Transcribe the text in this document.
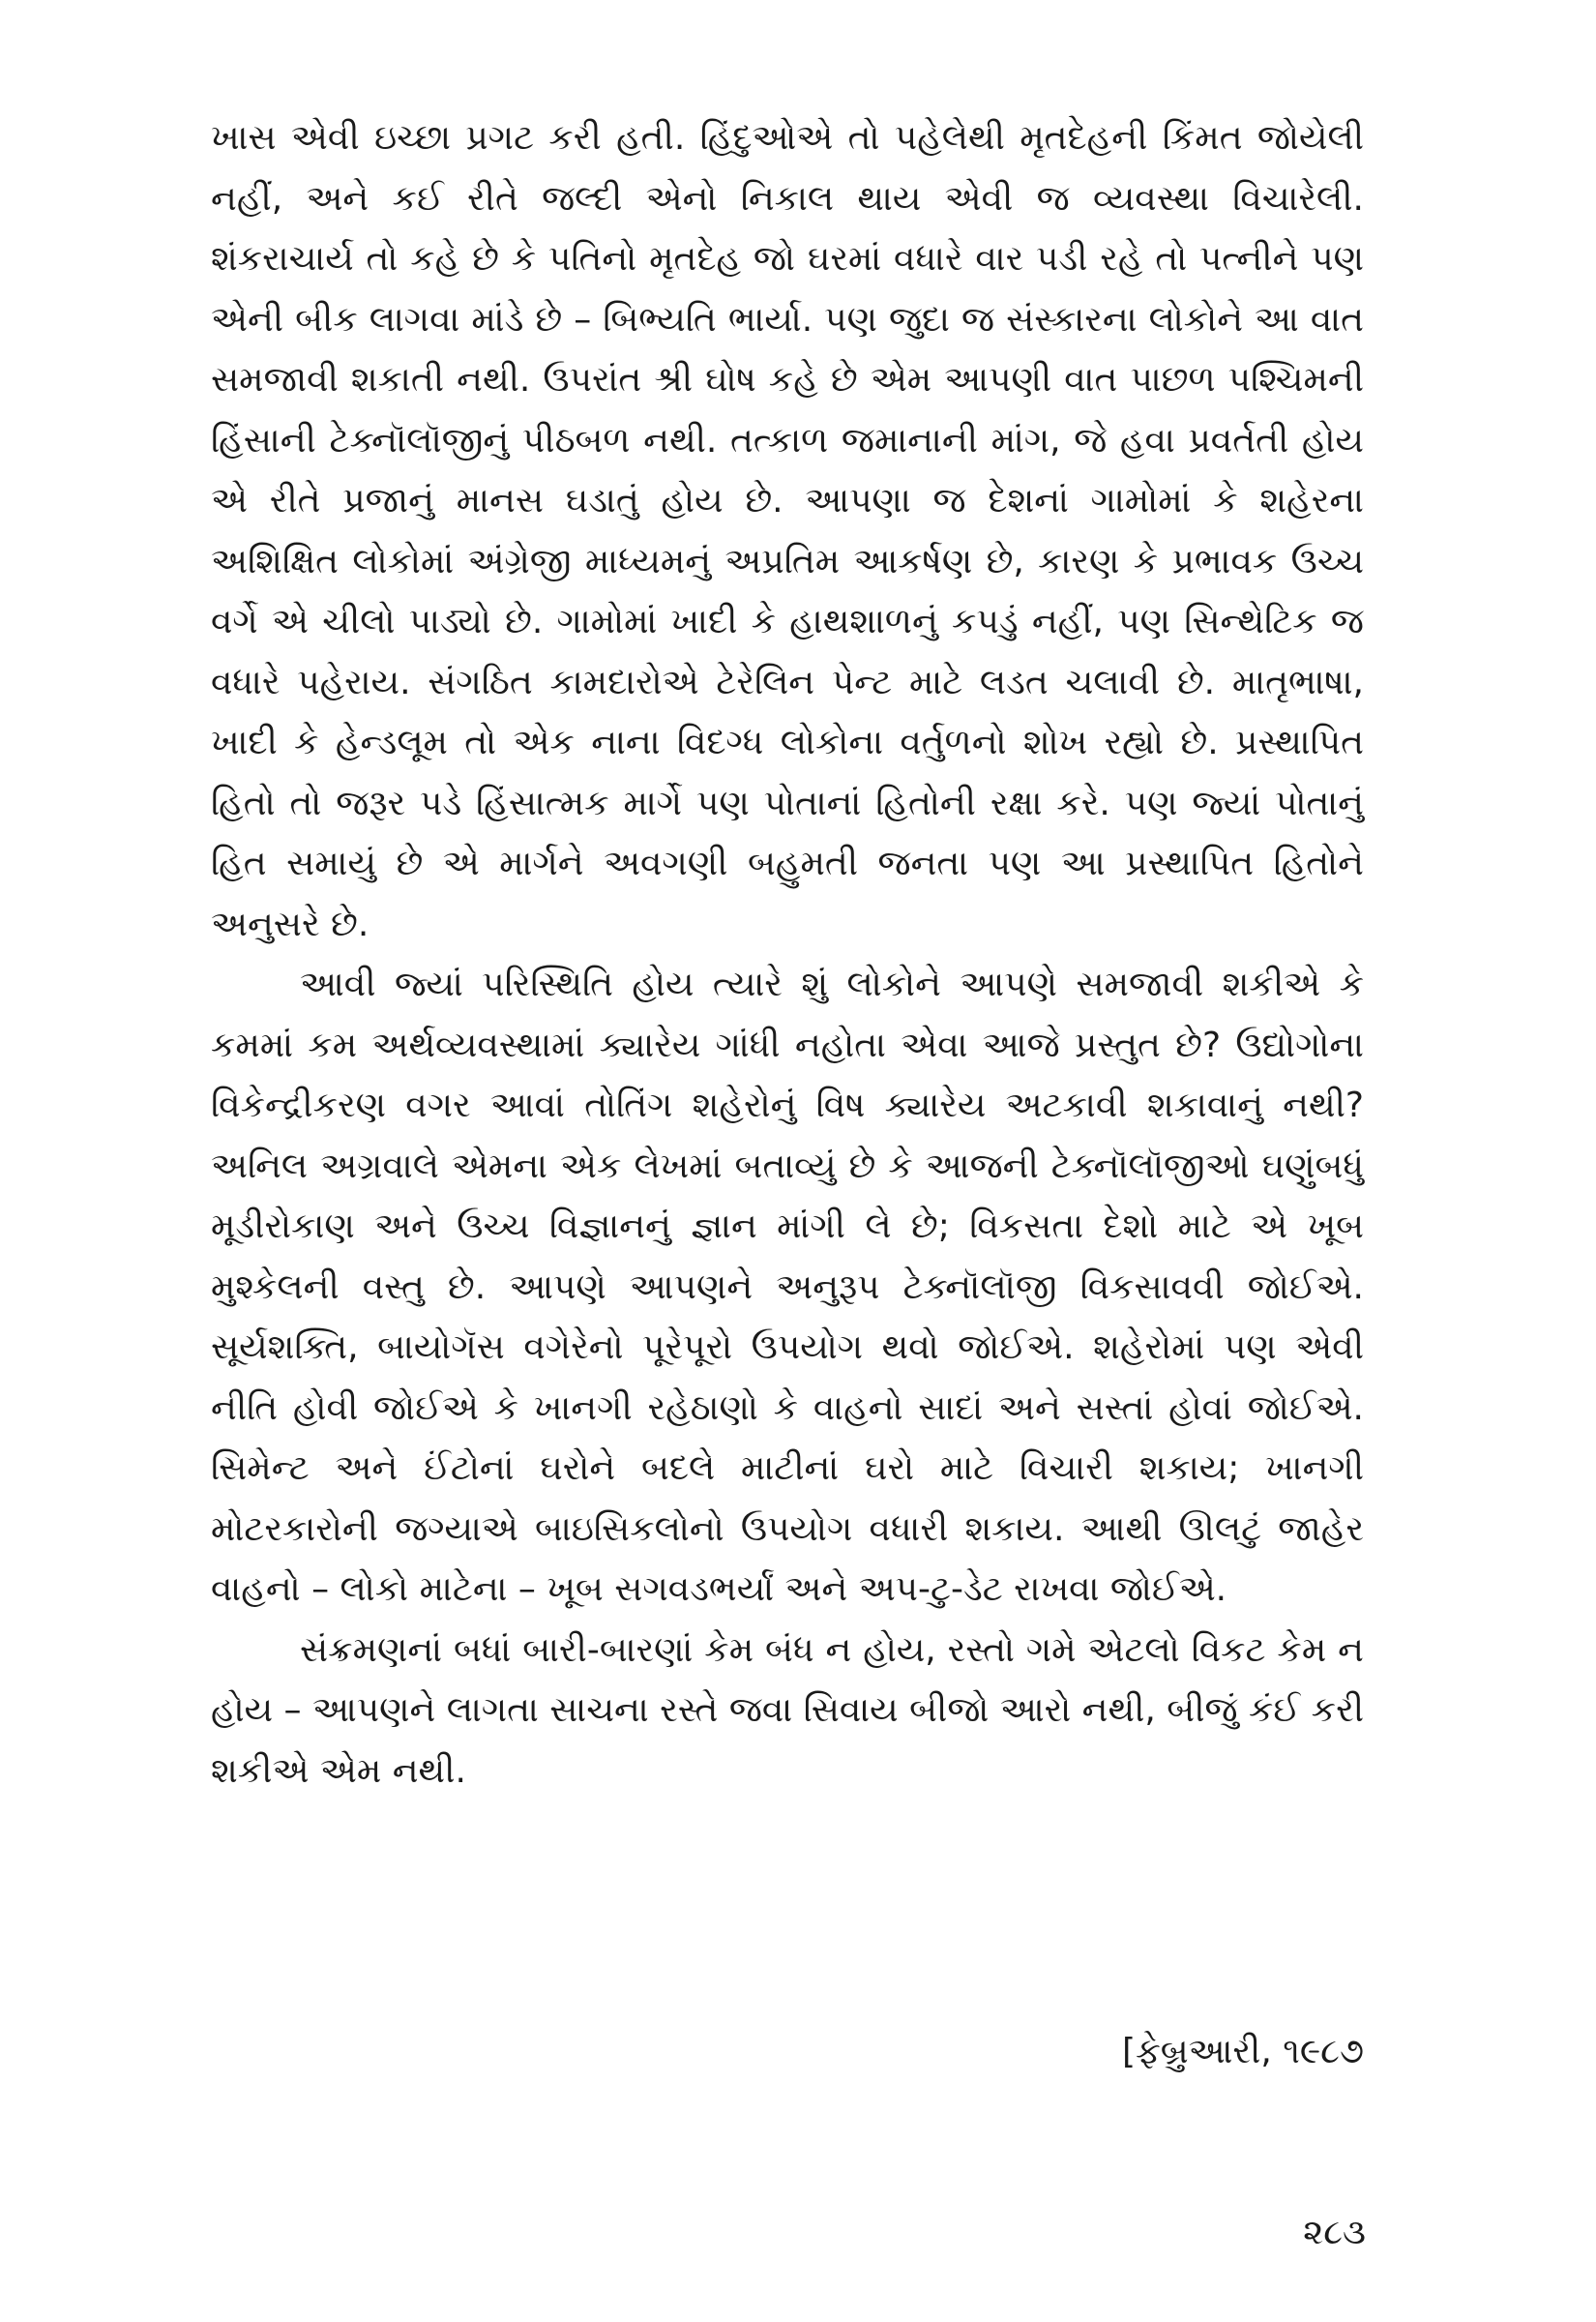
ખાસ એવી ઇચ્છા પ્રગટ કરી હતી. હિંદુઓએ તો પહેલેથી મૃતદેહની કિંમત જોયેલી નહીં, અને કઈ રીતે જલ્દી એનો નિકાલ થાય એવી જ વ્યવસ્થા વિચારેલી. શંકરાચાર્ય તો કહે છે કે પતિનો મૃતદેહ જો ઘરમાં વધારે વાર પડી રહે તો પત્નીને પણ એની બીક લાગવા માંડે છે – બિભ્યતિ ભાર્યા. પણ જુદા જ સંસ્કારના લોકોને આ વાત સમજાવી શકાતી નથી. ઉપરાંત શ્રી ઘોષ કહે છે એમ આપણી વાત પાછળ પશ્ચિમની હિંસાની ટેક્નૉલૉજીનું પીઠબળ નથી. તત્કાળ જમાનાની માંગ, જે હવા પ્રવર્તતી હોય એ રીતે પ્રજાનું માનસ ઘડાતું હોય છે. આપણા જ દેશનાં ગામોમાં કે શહેરના અશિક્ષિત લોકોમાં અંગ્રેજી માધ્યમનું અપ્રતિમ આકર્ષણ છે, કારણ કે પ્રભાવક ઉચ્ચ વર્ગે એ ચીલો પાડ્યો છે. ગામોમાં ખાદી કે હાથશાળનું કપડું નહીં, પણ સિન્થેટિક જ વધારે પહેરાય. સંગઠિત કામદારોએ ટેરેલિન પેન્ટ માટે લડત ચલાવી છે. માતૃભાષા, ખાદી કે હેન્ડલૂમ તો એક નાના વિદગ્ધ લોકોના વર્તુળનો શોખ રહ્યો છે. પ્રસ્થાપિત હિતો તો જરૂર પડે હિંસાત્મક માર્ગે પણ પોતાનાં હિતોની રક્ષા કરે. પણ જ્યાં પોતાનું હિત સમાયું છે એ માર્ગને અવગણી બહુમતી જનતા પણ આ પ્રસ્થાપિત હિતોને અનુસરે છે.

આવી જ્યાં પરિસ્થિતિ હોય ત્યારે શું લોકોને આપણે સમજાવી શકીએ કે કમમાં કમ અર્થવ્યવસ્થામાં ક્યારેય ગાંધી નહોતા એવા આજે પ્રસ્તુત છે? ઉદ્યોગોના વિકેન્દ્રીકરણ વગર આવાં તોતિંગ શહેરોનું વિષ ક્યારેય અટકાવી શકાવાનું નથી? અનિલ અગ્રવાલે એમના એક લેખમાં બતાવ્યું છે કે આજની ટેક્નૉલૉજીઓ ઘણુંબધું મૂડીરોકાણ અને ઉચ્ચ વિજ્ઞાનનું જ્ઞાન માંગી લે છે; વિકસતા દેશો માટે એ ખૂબ મુશ્કેલની વસ્તુ છે. આપણે આપણને અનુરૂપ ટેક્નૉલૉજી વિકસાવવી જોઈએ. સૂર્યશક્તિ, બાયોગૅસ વગેરેનો પૂરેપૂરો ઉપયોગ થવો જોઈએ. શહેરોમાં પણ એવી નીતિ હોવી જોઈએ કે ખાનગી રહેઠાણો કે વાહનો સાદાં અને સસ્તાં હોવાં જોઈએ. સિમેન્ટ અને ઈંટોનાં ઘરોને બદલે માટીનાં ઘરો માટે વિચારી શકાય; ખાનગી મોટરકારોની જગ્યાએ બાઇસિકલોનો ઉપયોગ વધારી શકાય. આથી ઊલટું જાહેર વાહનો – લોકો માટેના – ખૂબ સગવડભર્યાં અને અપ-ટુ-ડેટ રાખવા જોઈએ.

સંક્રમણનાં બધાં બારી-બારણાં કેમ બંધ ન હોય, રસ્તો ગમે એટલો વિકટ કેમ ન હોય – આપણને લાગતા સાચના રસ્તે જવા સિવાય બીજો આરો નથી, બીજું કંઈ કરી શકીએ એમ નથી.

[ફેબ્રુઆરી, ૧૯૮૭
૨૮૩
